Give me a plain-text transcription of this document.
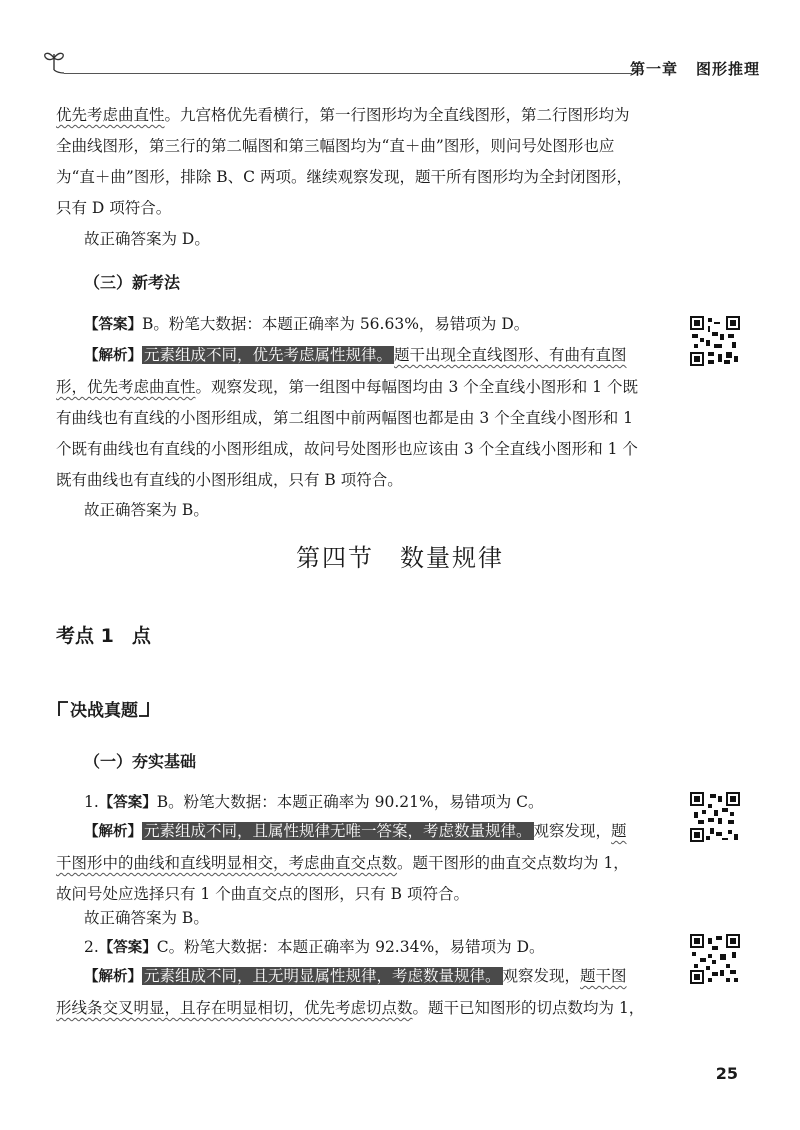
第一章 图形推理
优先考虑曲直性。九宫格优先看横行，第一行图形均为全直线图形，第二行图形均为
全曲线图形，第三行的第二幅图和第三幅图均为“直＋曲”图形，则问号处图形也应
为“直＋曲”图形，排除 B、C 两项。继续观察发现，题干所有图形均为全封闭图形，
只有 D 项符合。
故正确答案为 D。
（三）新考法
【答案】B。粉笔大数据：本题正确率为 56.63%，易错项为 D。
【解析】 元素组成不同，优先考虑属性规律。 题干出现全直线图形、有曲有直图
形，优先考虑曲直性。观察发现，第一组图中每幅图均由 3 个全直线小图形和 1 个既
有曲线也有直线的小图形组成，第二组图中前两幅图也都是由 3 个全直线小图形和 1
个既有曲线也有直线的小图形组成，故问号处图形也应该由 3 个全直线小图形和 1 个
既有曲线也有直线的小图形组成，只有 B 项符合。
故正确答案为 B。
第四节 数量规律
考点 1 点
决战真题
（一）夯实基础
1.【答案】B。粉笔大数据：本题正确率为 90.21%，易错项为 C。
【解析】 元素组成不同，且属性规律无唯一答案，考虑数量规律。 观察发现，题
干图形中的曲线和直线明显相交，考虑曲直交点数。题干图形的曲直交点数均为 1，
故问号处应选择只有 1 个曲直交点的图形，只有 B 项符合。
故正确答案为 B。
2.【答案】C。粉笔大数据：本题正确率为 92.34%，易错项为 D。
【解析】 元素组成不同，且无明显属性规律，考虑数量规律。 观察发现，题干图
形线条交叉明显，且存在明显相切，优先考虑切点数。题干已知图形的切点数均为 1，
25
